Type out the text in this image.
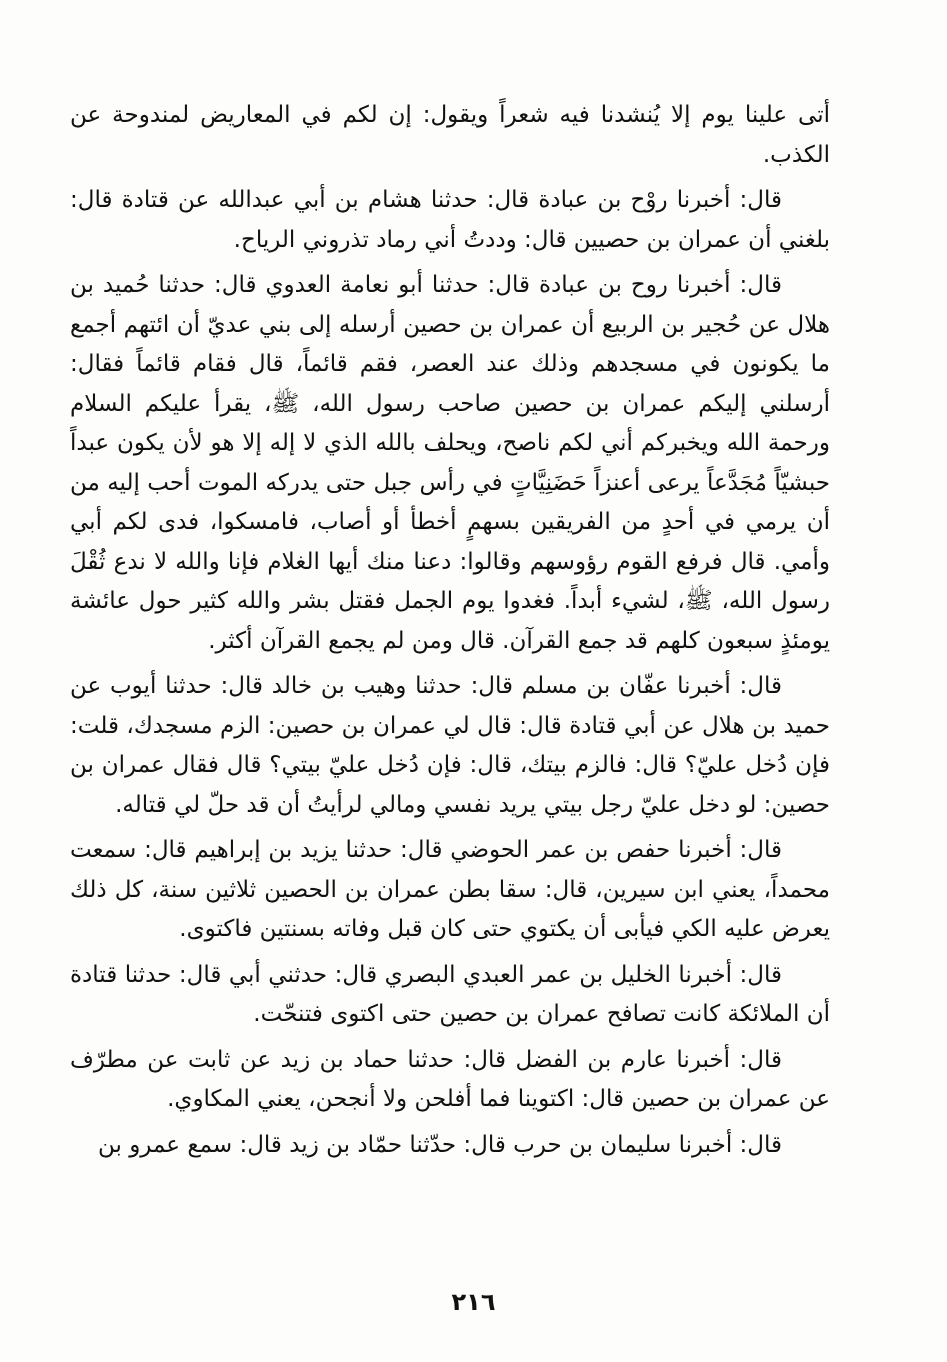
أتى علينا يوم إلا يُنشدنا فيه شعراً ويقول: إن لكم في المعاريض لمندوحة عن الكذب.

قال: أخبرنا روْح بن عبادة قال: حدثنا هشام بن أبي عبدالله عن قتادة قال: بلغني أن عمران بن حصيين قال: وددتُ أني رماد تذروني الرياح.

قال: أخبرنا روح بن عبادة قال: حدثنا أبو نعامة العدوي قال: حدثنا حُميد بن هلال عن حُجير بن الربيع أن عمران بن حصين أرسله إلى بني عديّ أن ائتهم أجمع ما يكونون في مسجدهم وذلك عند العصر، فقم قائماً، قال فقام قائماً فقال: أرسلني إليكم عمران بن حصين صاحب رسول الله، ﷺ، يقرأ عليكم السلام ورحمة الله ويخبركم أني لكم ناصح، ويحلف بالله الذي لا إله إلا هو لأن يكون عبداً حبشيّاً مُجَدَّعاً يرعى أعنزاً حَضَنِيَّاتٍ في رأس جبل حتى يدركه الموت أحب إليه من أن يرمي في أحدٍ من الفريقين بسهمٍ أخطأ أو أصاب، فامسكوا، فدى لكم أبي وأمي. قال فرفع القوم رؤوسهم وقالوا: دعنا منك أيها الغلام فإنا والله لا ندع ثُقْلَ رسول الله، ﷺ، لشيء أبداً. فغدوا يوم الجمل فقتل بشر والله كثير حول عائشة يومئذٍ سبعون كلهم قد جمع القرآن. قال ومن لم يجمع القرآن أكثر.

قال: أخبرنا عفّان بن مسلم قال: حدثنا وهيب بن خالد قال: حدثنا أيوب عن حميد بن هلال عن أبي قتادة قال: قال لي عمران بن حصين: الزم مسجدك، قلت: فإن دُخل عليّ؟ قال: فالزم بيتك، قال: فإن دُخل عليّ بيتي؟ قال فقال عمران بن حصين: لو دخل عليّ رجل بيتي يريد نفسي ومالي لرأيتُ أن قد حلّ لي قتاله.

قال: أخبرنا حفص بن عمر الحوضي قال: حدثنا يزيد بن إبراهيم قال: سمعت محمداً، يعني ابن سيرين، قال: سقا بطن عمران بن الحصين ثلاثين سنة، كل ذلك يعرض عليه الكي فيأبى أن يكتوي حتى كان قبل وفاته بسنتين فاكتوى.

قال: أخبرنا الخليل بن عمر العبدي البصري قال: حدثني أبي قال: حدثنا قتادة أن الملائكة كانت تصافح عمران بن حصين حتى اكتوى فتنحّت.

قال: أخبرنا عارم بن الفضل قال: حدثنا حماد بن زيد عن ثابت عن مطرّف عن عمران بن حصين قال: اكتوينا فما أفلحن ولا أنجحن، يعني المكاوي.

قال: أخبرنا سليمان بن حرب قال: حدّثنا حمّاد بن زيد قال: سمع عمرو بن

٢١٦
